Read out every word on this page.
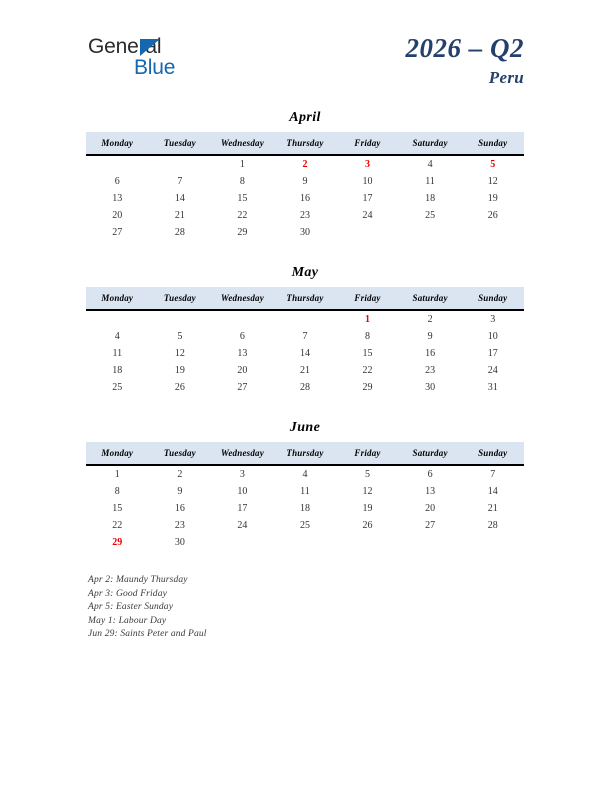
General
Blue
2026 – Q2
Peru
April
Monday	Tuesday	Wednesday	Thursday	Friday	Saturday	Sunday
		1	2	3	4	5
6	7	8	9	10	11	12
13	14	15	16	17	18	19
20	21	22	23	24	25	26
27	28	29	30			
May
Monday	Tuesday	Wednesday	Thursday	Friday	Saturday	Sunday
				1	2	3
4	5	6	7	8	9	10
11	12	13	14	15	16	17
18	19	20	21	22	23	24
25	26	27	28	29	30	31
June
Monday	Tuesday	Wednesday	Thursday	Friday	Saturday	Sunday
1	2	3	4	5	6	7
8	9	10	11	12	13	14
15	16	17	18	19	20	21
22	23	24	25	26	27	28
29	30					
Apr 2: Maundy Thursday
Apr 3: Good Friday
Apr 5: Easter Sunday
May 1: Labour Day
Jun 29: Saints Peter and Paul
